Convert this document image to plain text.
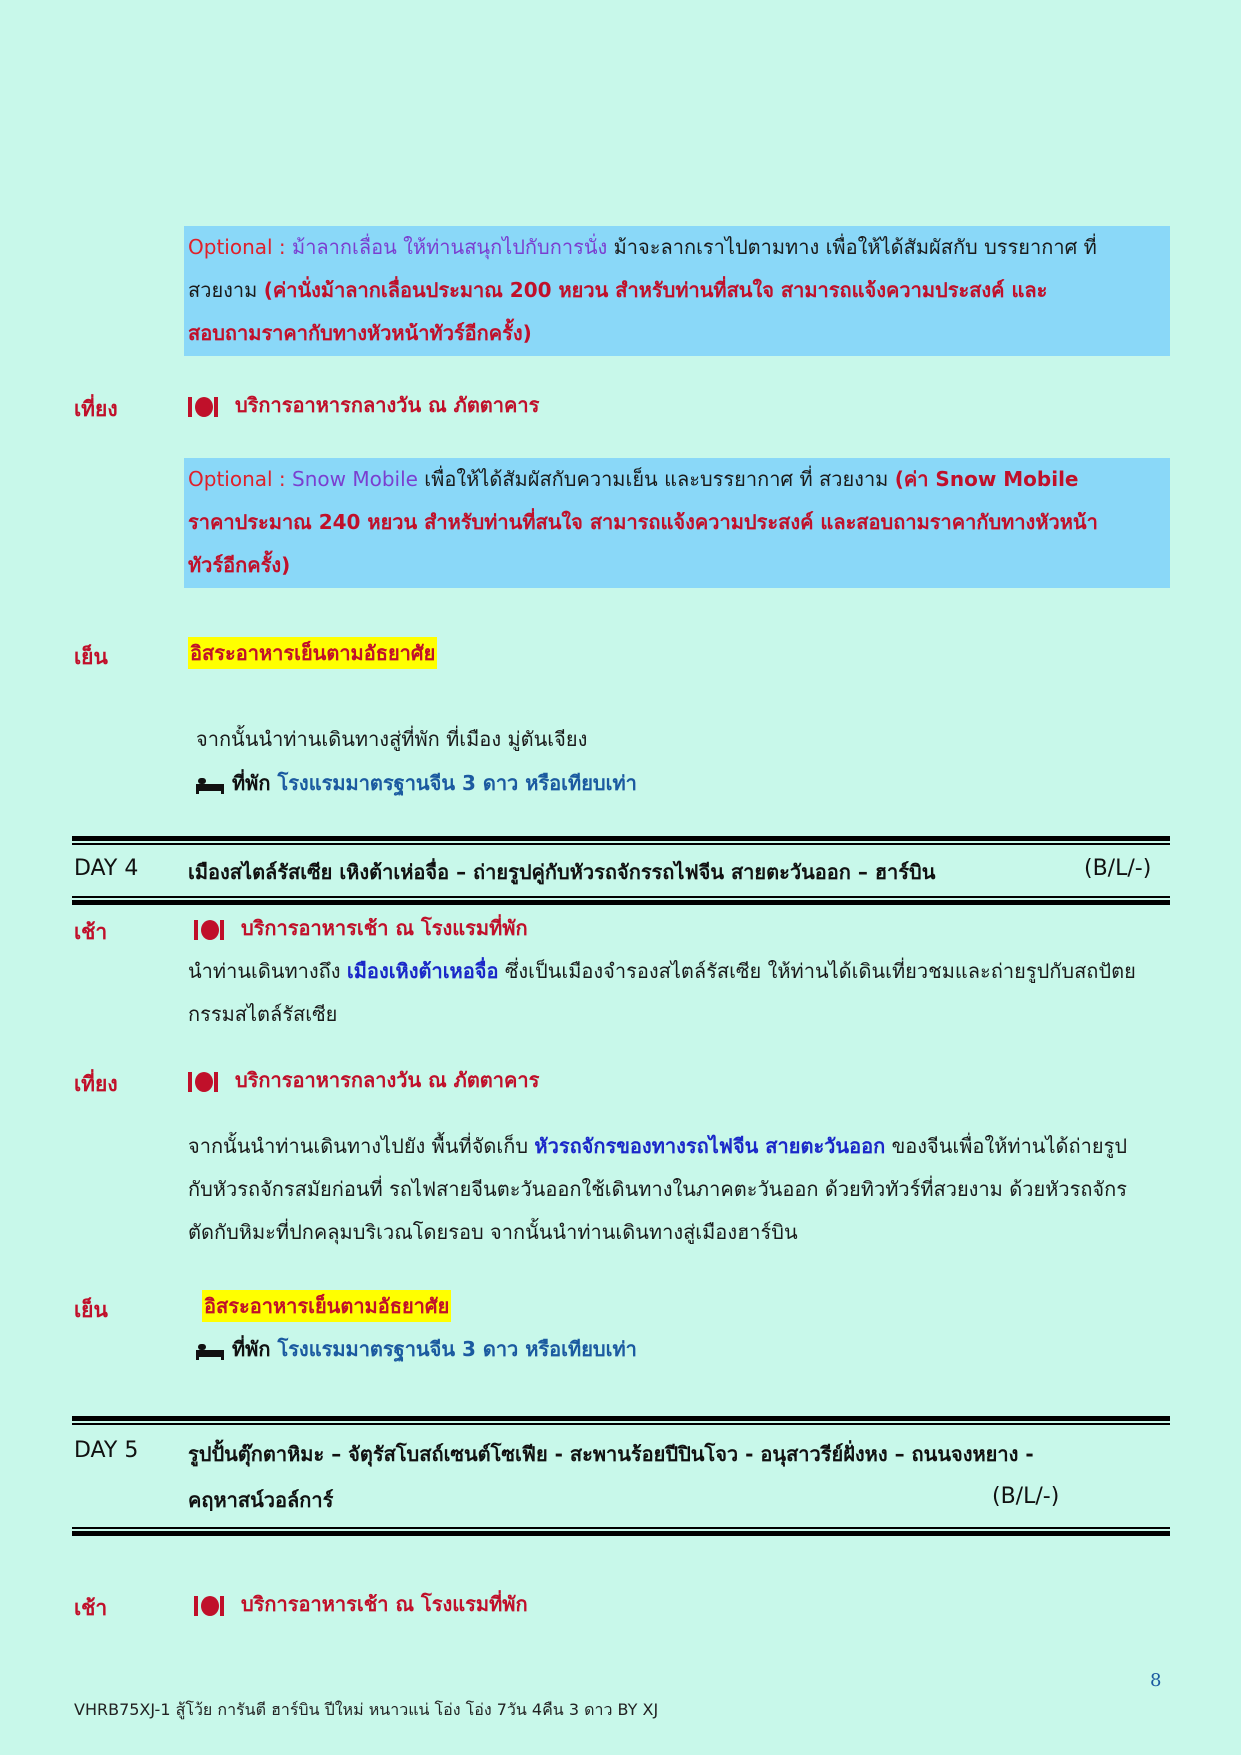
Optional : ม้าลากเลื่อน ให้ท่านสนุกไปกับการนั่ง ม้าจะลากเราไปตามทาง เพื่อให้ได้สัมผัสกับ บรรยากาศ ที่
สวยงาม (ค่านั่งม้าลากเลื่อนประมาณ 200 หยวน สำหรับท่านที่สนใจ สามารถแจ้งความประสงค์ และ
สอบถามราคากับทางหัวหน้าทัวร์อีกครั้ง)
เที่ยง	บริการอาหารกลางวัน ณ ภัตตาคาร
Optional : Snow Mobile เพื่อให้ได้สัมผัสกับความเย็น และบรรยากาศ ที่ สวยงาม (ค่า Snow Mobile
ราคาประมาณ 240 หยวน สำหรับท่านที่สนใจ สามารถแจ้งความประสงค์ และสอบถามราคากับทางหัวหน้า
ทัวร์อีกครั้ง)
เย็น	อิสระอาหารเย็นตามอัธยาศัย
จากนั้นนำท่านเดินทางสู่ที่พัก ที่เมือง มู่ตันเจียง
ที่พัก โรงแรมมาตรฐานจีน 3 ดาว หรือเทียบเท่า
DAY 4 เมืองสไตล์รัสเซีย เหิงต้าเห่อจื่อ – ถ่ายรูปคู่กับหัวรถจักรรถไฟจีน สายตะวันออก – ฮาร์บิน	(B/L/-)
เช้า	บริการอาหารเช้า ณ โรงแรมที่พัก
นำท่านเดินทางถึง เมืองเหิงต้าเหอจื่อ ซึ่งเป็นเมืองจำรองสไตล์รัสเซีย ให้ท่านได้เดินเที่ยวชมและถ่ายรูปกับสถปัตย
กรรมสไตล์รัสเซีย
เที่ยง	บริการอาหารกลางวัน ณ ภัตตาคาร
จากนั้นนำท่านเดินทางไปยัง พื้นที่จัดเก็บ หัวรถจักรของทางรถไฟจีน สายตะวันออก ของจีนเพื่อให้ท่านได้ถ่ายรูป
กับหัวรถจักรสมัยก่อนที่ รถไฟสายจีนตะวันออกใช้เดินทางในภาคตะวันออก ด้วยทิวทัวร์ที่สวยงาม ด้วยหัวรถจักร
ตัดกับหิมะที่ปกคลุมบริเวณโดยรอบ จากนั้นนำท่านเดินทางสู่เมืองฮาร์บิน
เย็น	อิสระอาหารเย็นตามอัธยาศัย
ที่พัก โรงแรมมาตรฐานจีน 3 ดาว หรือเทียบเท่า
DAY 5 รูปปั้นตุ๊กตาหิมะ – จัตุรัสโบสถ์เซนต์โซเฟีย - สะพานร้อยปีปินโจว - อนุสาวรีย์ฝั่งหง – ถนนจงหยาง -
คฤหาสน์วอล์การ์	(B/L/-)
เช้า	บริการอาหารเช้า ณ โรงแรมที่พัก
8
VHRB75XJ-1 สู้โว้ย การันตี ฮาร์บิน ปีใหม่ หนาวแน่ โอ่ง โอ่ง 7วัน 4คืน 3 ดาว BY XJ
